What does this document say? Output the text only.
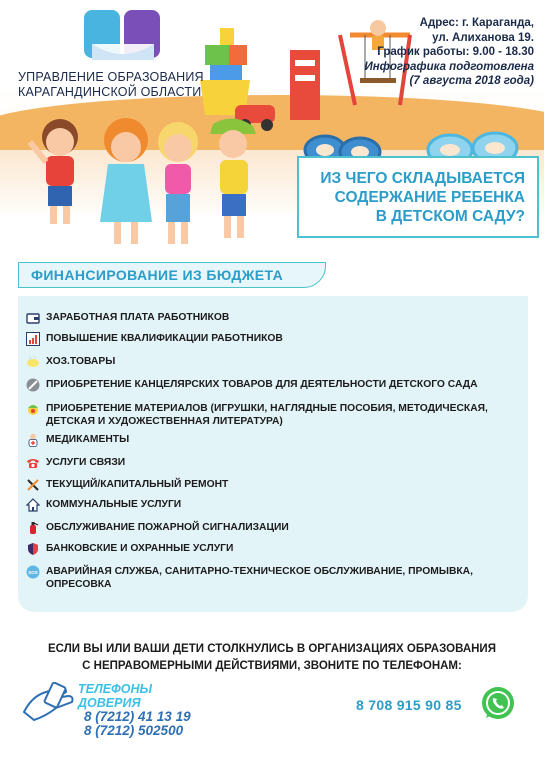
УПРАВЛЕНИЕ ОБРАЗОВАНИЯ
КАРАГАНДИНСКОЙ ОБЛАСТИ
Адрес: г. Караганда,
ул. Алиханова 19.
График работы: 9.00 - 18.30
Инфографика подготовлена
(7 августа 2018 года)
ИЗ ЧЕГО СКЛАДЫВАЕТСЯ
СОДЕРЖАНИЕ РЕБЕНКА
В ДЕТСКОМ САДУ?
ФИНАНСИРОВАНИЕ ИЗ БЮДЖЕТА
ЗАРАБОТНАЯ ПЛАТА РАБОТНИКОВ
ПОВЫШЕНИЕ КВАЛИФИКАЦИИ РАБОТНИКОВ
ХОЗ.ТОВАРЫ
ПРИОБРЕТЕНИЕ КАНЦЕЛЯРСКИХ ТОВАРОВ ДЛЯ ДЕЯТЕЛЬНОСТИ ДЕТСКОГО САДА
ПРИОБРЕТЕНИЕ МАТЕРИАЛОВ (ИГРУШКИ, НАГЛЯДНЫЕ ПОСОБИЯ, МЕТОДИЧЕСКАЯ, ДЕТСКАЯ И ХУДОЖЕСТВЕННАЯ ЛИТЕРАТУРА)
МЕДИКАМЕНТЫ
УСЛУГИ СВЯЗИ
ТЕКУЩИЙ/КАПИТАЛЬНЫЙ РЕМОНТ
КОММУНАЛЬНЫЕ УСЛУГИ
ОБСЛУЖИВАНИЕ ПОЖАРНОЙ СИГНАЛИЗАЦИИ
БАНКОВСКИЕ И ОХРАННЫЕ УСЛУГИ
SOS АВАРИЙНАЯ СЛУЖБА, САНИТАРНО-ТЕХНИЧЕСКОЕ ОБСЛУЖИВАНИЕ, ПРОМЫВКА, ОПРЕСОВКА
ЕСЛИ ВЫ ИЛИ ВАШИ ДЕТИ СТОЛКНУЛИСЬ В ОРГАНИЗАЦИЯХ ОБРАЗОВАНИЯ
С НЕПРАВОМЕРНЫМИ ДЕЙСТВИЯМИ, ЗВОНИТЕ ПО ТЕЛЕФОНАМ:
ТЕЛЕФОНЫ ДОВЕРИЯ
8 (7212) 41 13 19
8 (7212) 502500
8 708 915 90 85
